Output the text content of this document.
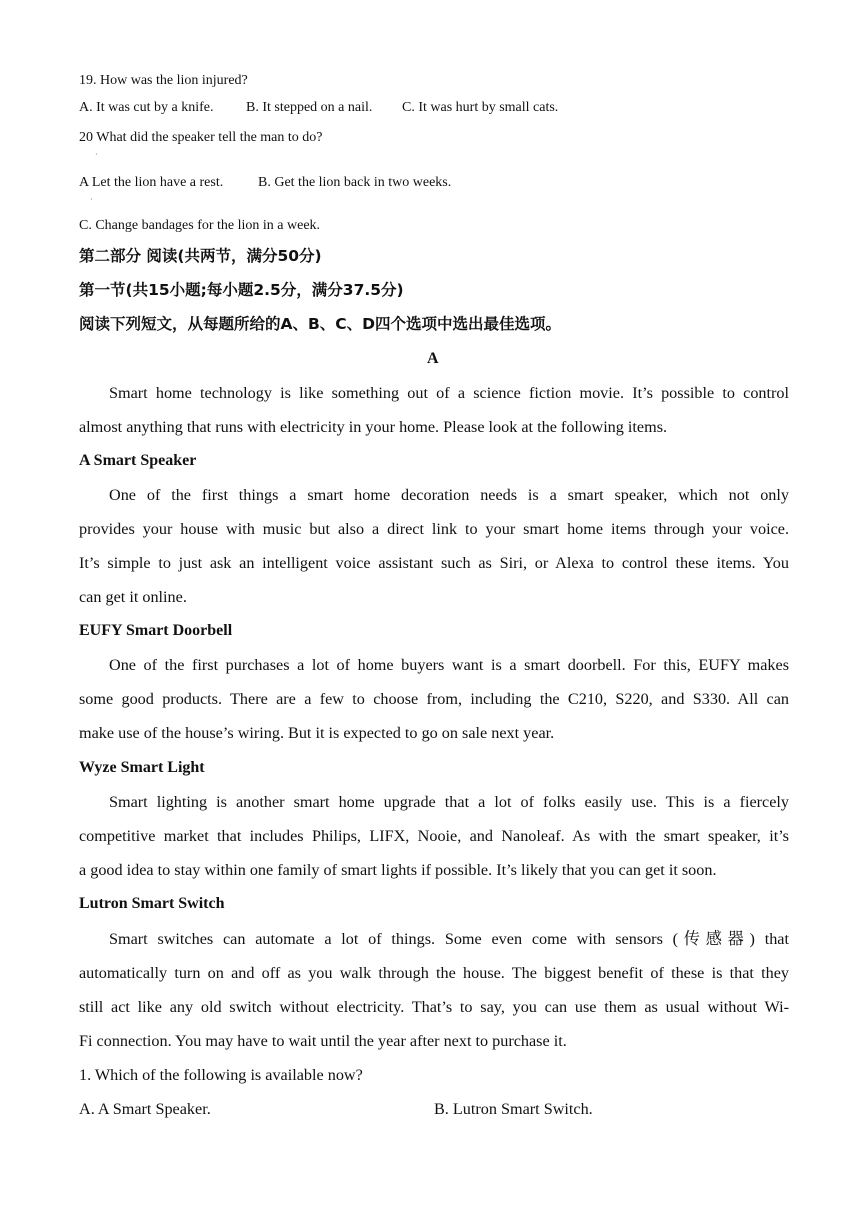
19. How was the lion injured?
A. It was cut by a knife. B. It stepped on a nail. C. It was hurt by small cats.
20 What did the speaker tell the man to do?
·
A Let the lion have a rest. B. Get the lion back in two weeks.
·
C. Change bandages for the lion in a week.
第二部分 阅读(共两节，满分50分)
第一节(共15小题;每小题2.5分，满分37.5分)
阅读下列短文，从每题所给的A、B、C、D四个选项中选出最佳选项。
A
Smart home technology is like something out of a science fiction movie. It’s possible to control
almost anything that runs with electricity in your home. Please look at the following items.
A Smart Speaker
One of the first things a smart home decoration needs is a smart speaker, which not only
provides your house with music but also a direct link to your smart home items through your voice.
It’s simple to just ask an intelligent voice assistant such as Siri, or Alexa to control these items. You
can get it online.
EUFY Smart Doorbell
One of the first purchases a lot of home buyers want is a smart doorbell. For this, EUFY makes
some good products. There are a few to choose from, including the C210, S220, and S330. All can
make use of the house’s wiring. But it is expected to go on sale next year.
Wyze Smart Light
Smart lighting is another smart home upgrade that a lot of folks easily use. This is a fiercely
competitive market that includes Philips, LIFX, Nooie, and Nanoleaf. As with the smart speaker, it’s
a good idea to stay within one family of smart lights if possible. It’s likely that you can get it soon.
Lutron Smart Switch
Smart switches can automate a lot of things. Some even come with sensors (传感器) that
automatically turn on and off as you walk through the house. The biggest benefit of these is that they
still act like any old switch without electricity. That’s to say, you can use them as usual without Wi-
Fi connection. You may have to wait until the year after next to purchase it.
1. Which of the following is available now?
A. A Smart Speaker.	B. Lutron Smart Switch.
